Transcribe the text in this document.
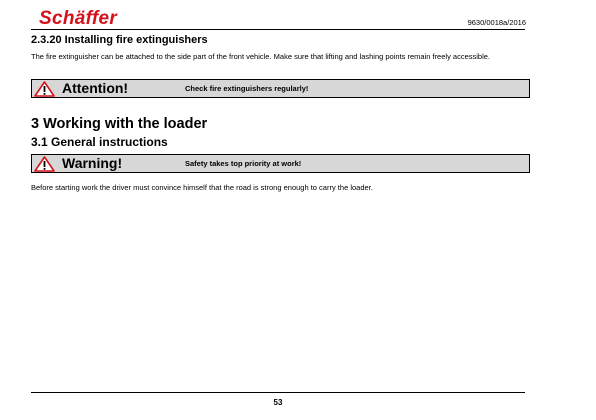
Schäffer	9630/0018a/2016
2.3.20 Installing fire extinguishers
The fire extinguisher can be attached to the side part of the front vehicle. Make sure that lifting and lashing points remain freely accessible.
Attention!	Check fire extinguishers regularly!
3 Working with the loader
3.1 General instructions
Warning!	Safety takes top priority at work!
Before starting work the driver must convince himself that the road is strong enough to carry the loader.
53
